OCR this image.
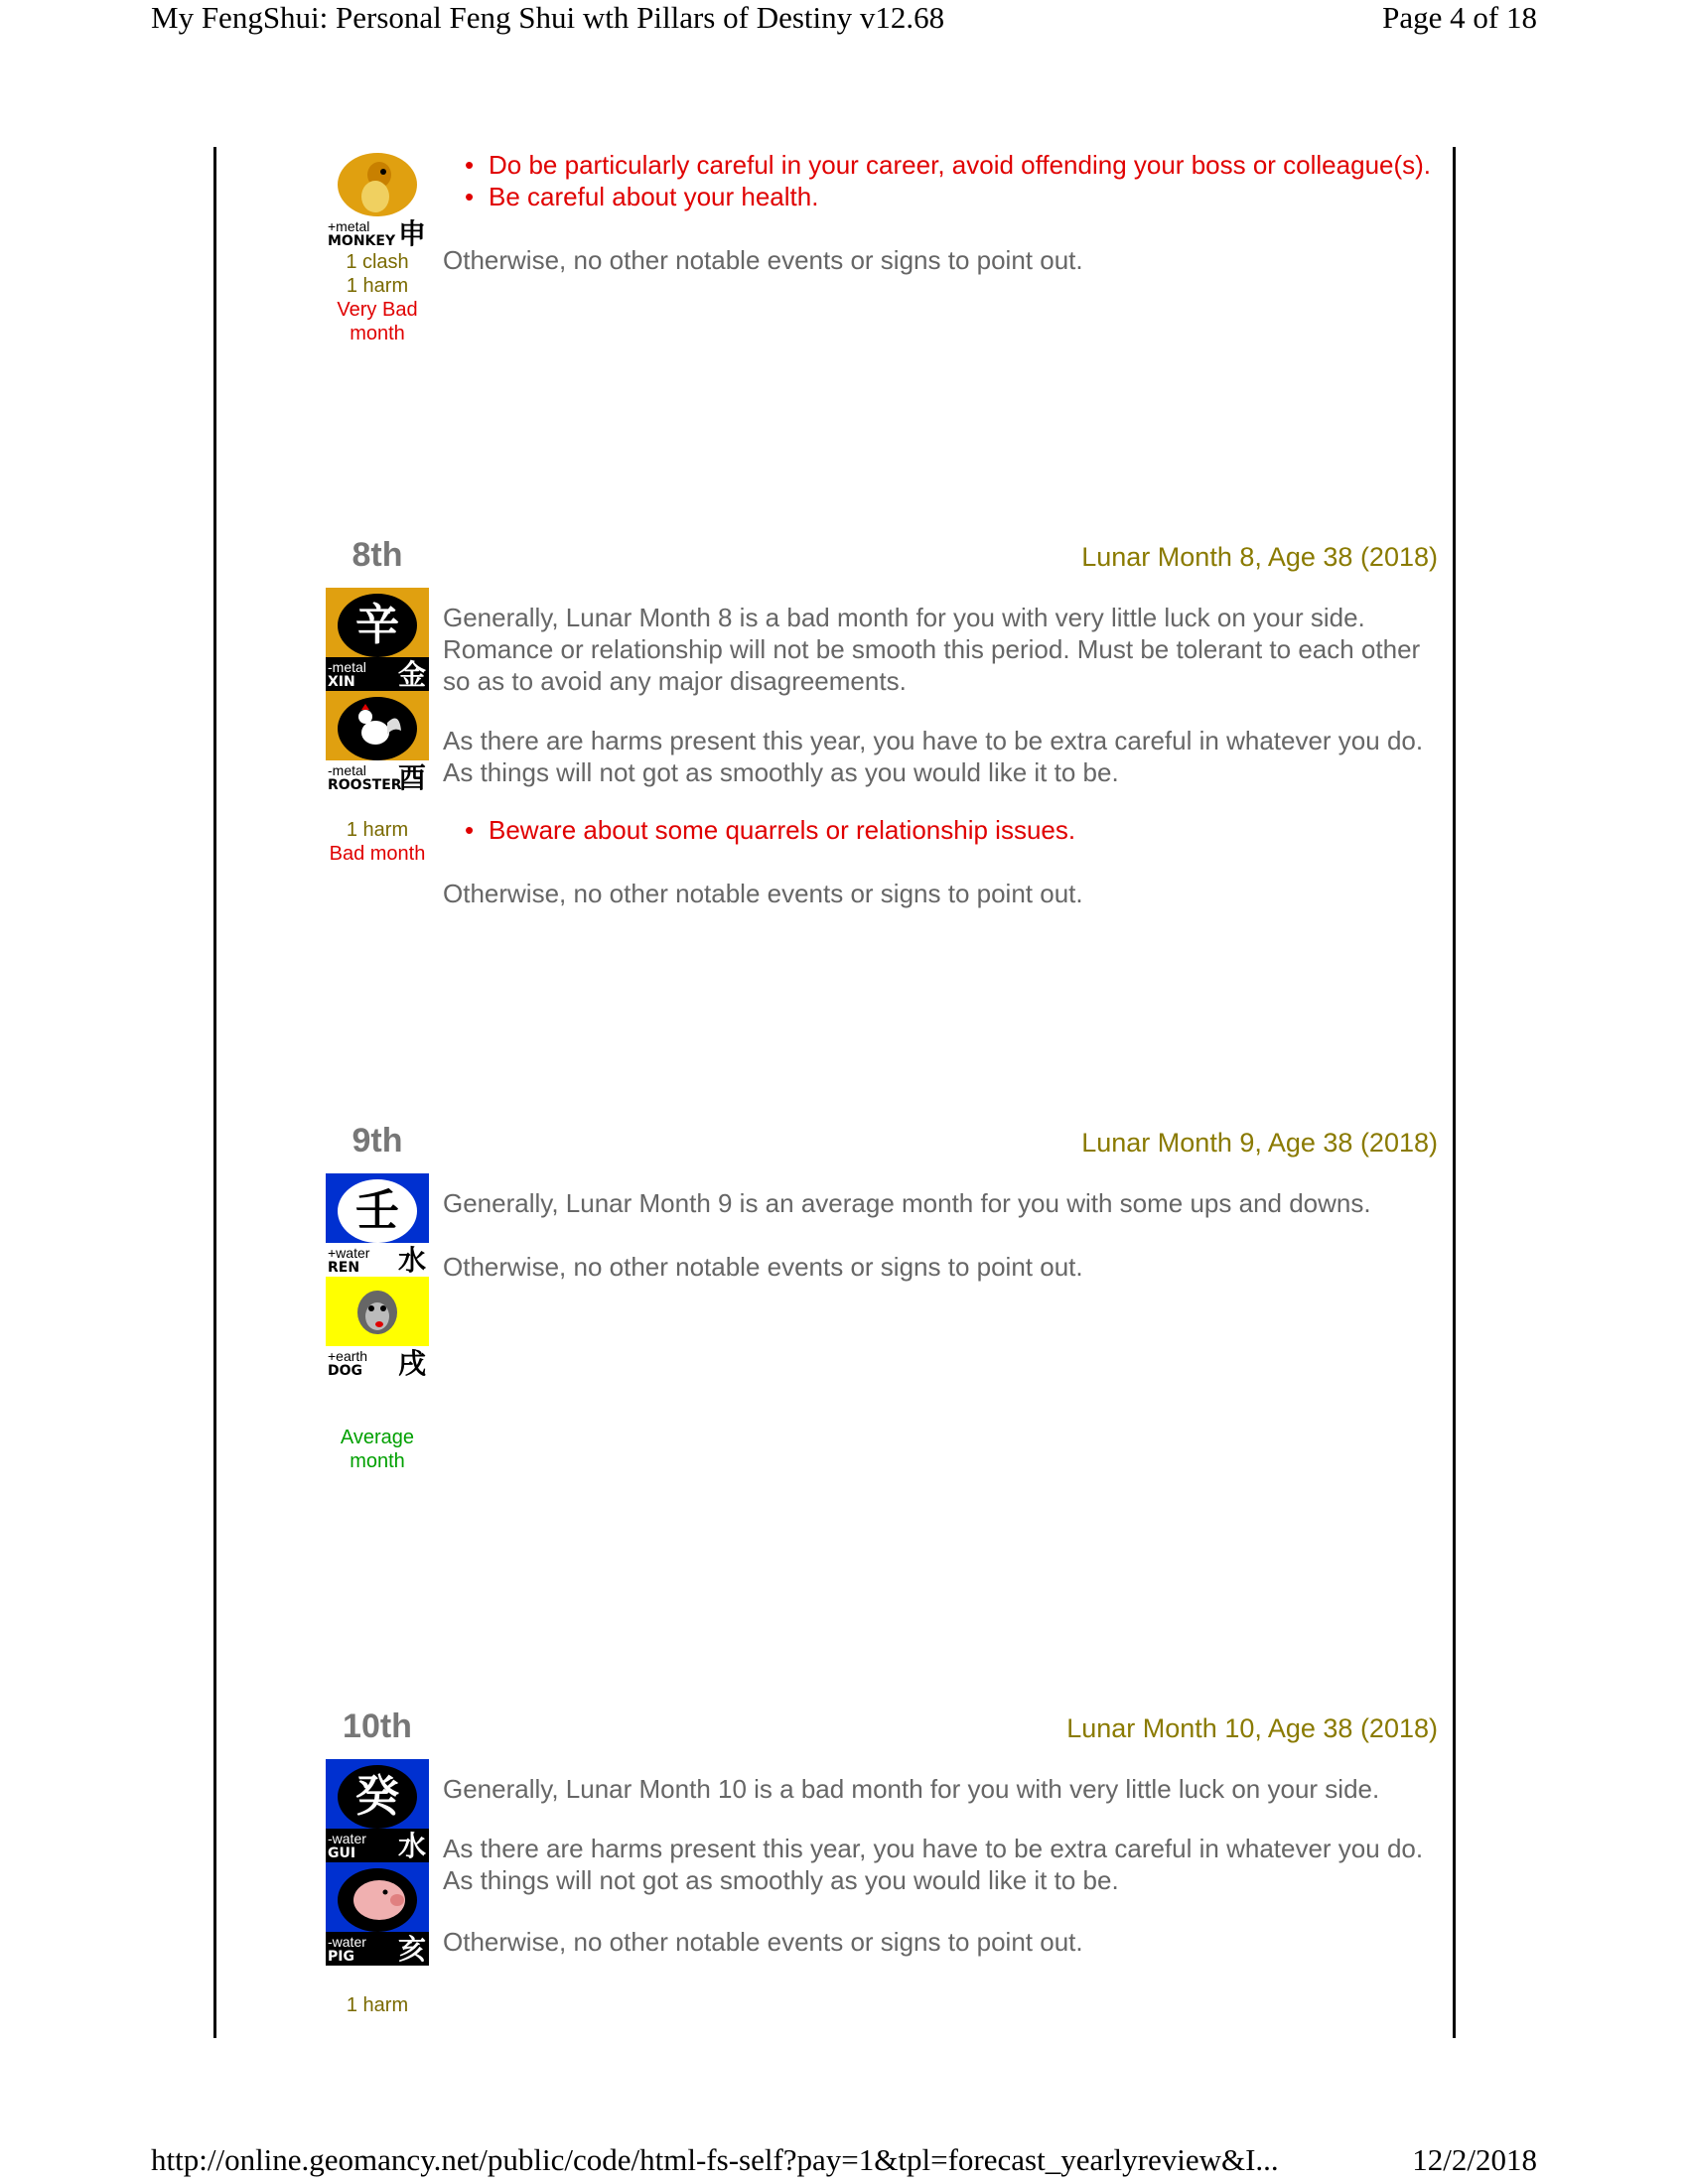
My FengShui: Personal Feng Shui wth Pillars of Destiny v12.68	Page 4 of 18
+metal
MONKEY 申
1 clash
1 harm
Very Bad
month
• Do be particularly careful in your career, avoid offending your boss or colleague(s).
• Be careful about your health.

Otherwise, no other notable events or signs to point out.

8th	Lunar Month 8, Age 38 (2018)
辛
-metal
XIN 金
-metal
ROOSTER
酉
1 harm
Bad month

Generally, Lunar Month 8 is a bad month for you with very little luck on your side. Romance or relationship will not be smooth this period. Must be tolerant to each other so as to avoid any major disagreements.

As there are harms present this year, you have to be extra careful in whatever you do. As things will not got as smoothly as you would like it to be.

• Beware about some quarrels or relationship issues.

Otherwise, no other notable events or signs to point out.

9th	Lunar Month 9, Age 38 (2018)
壬
+water
REN 水
+earth
DOG 戌
Average
month

Generally, Lunar Month 9 is an average month for you with some ups and downs.

Otherwise, no other notable events or signs to point out.

10th	Lunar Month 10, Age 38 (2018)
癸
-water
GUI 水
-water
PIG 亥
1 harm

Generally, Lunar Month 10 is a bad month for you with very little luck on your side.

As there are harms present this year, you have to be extra careful in whatever you do. As things will not got as smoothly as you would like it to be.

Otherwise, no other notable events or signs to point out.

http://online.geomancy.net/public/code/html-fs-self?pay=1&tpl=forecast_yearlyreview&I...	12/2/2018
